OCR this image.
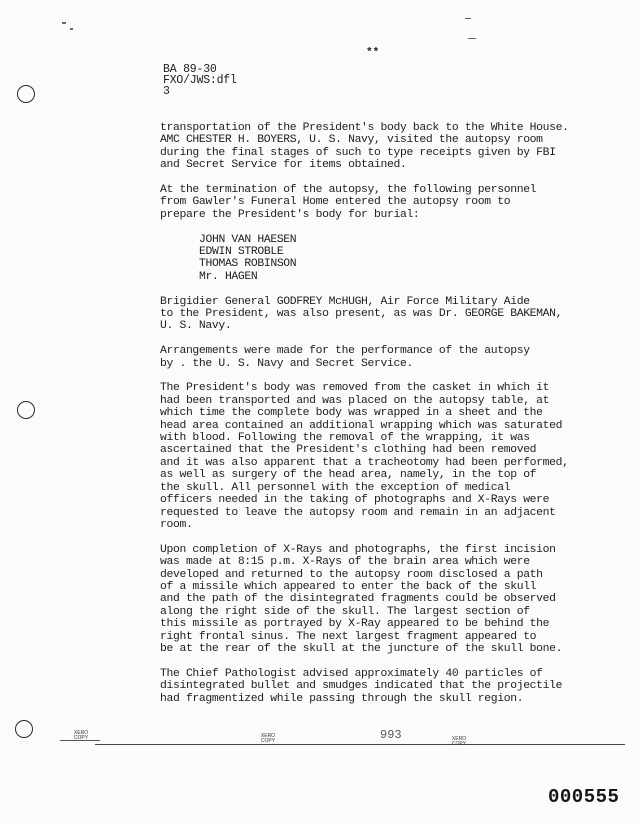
**
BA 89-30
FXO/JWS:dfl
3
transportation of the President's body back to the White House.
AMC CHESTER H. BOYERS, U. S. Navy, visited the autopsy room
during the final stages of such to type receipts given by FBI
and Secret Service for items obtained.
At the termination of the autopsy, the following personnel
from Gawler's Funeral Home entered the autopsy room to
prepare the President's body for burial:
JOHN VAN HAESEN
EDWIN STROBLE
THOMAS ROBINSON
Mr. HAGEN
Brigidier General GODFREY McHUGH, Air Force Military Aide
to the President, was also present, as was Dr. GEORGE BAKEMAN,
U. S. Navy.
Arrangements were made for the performance of the autopsy
by . the U. S. Navy and Secret Service.
The President's body was removed from the casket in which it
had been transported and was placed on the autopsy table, at
which time the complete body was wrapped in a sheet and the
head area contained an additional wrapping which was saturated
with blood. Following the removal of the wrapping, it was
ascertained that the President's clothing had been removed
and it was also apparent that a tracheotomy had been performed,
as well as surgery of the head area, namely, in the top of
the skull. All personnel with the exception of medical
officers needed in the taking of photographs and X-Rays were
requested to leave the autopsy room and remain in an adjacent
room.
Upon completion of X-Rays and photographs, the first incision
was made at 8:15 p.m. X-Rays of the brain area which were
developed and returned to the autopsy room disclosed a path
of a missile which appeared to enter the back of the skull
and the path of the disintegrated fragments could be observed
along the right side of the skull. The largest section of
this missile as portrayed by X-Ray appeared to be behind the
right frontal sinus. The next largest fragment appeared to
be at the rear of the skull at the juncture of the skull bone.
The Chief Pathologist advised approximately 40 particles of
disintegrated bullet and smudges indicated that the projectile
had fragmentized while passing through the skull region.
XERO COPY	XERO COPY	XERO COPY
993
000555
